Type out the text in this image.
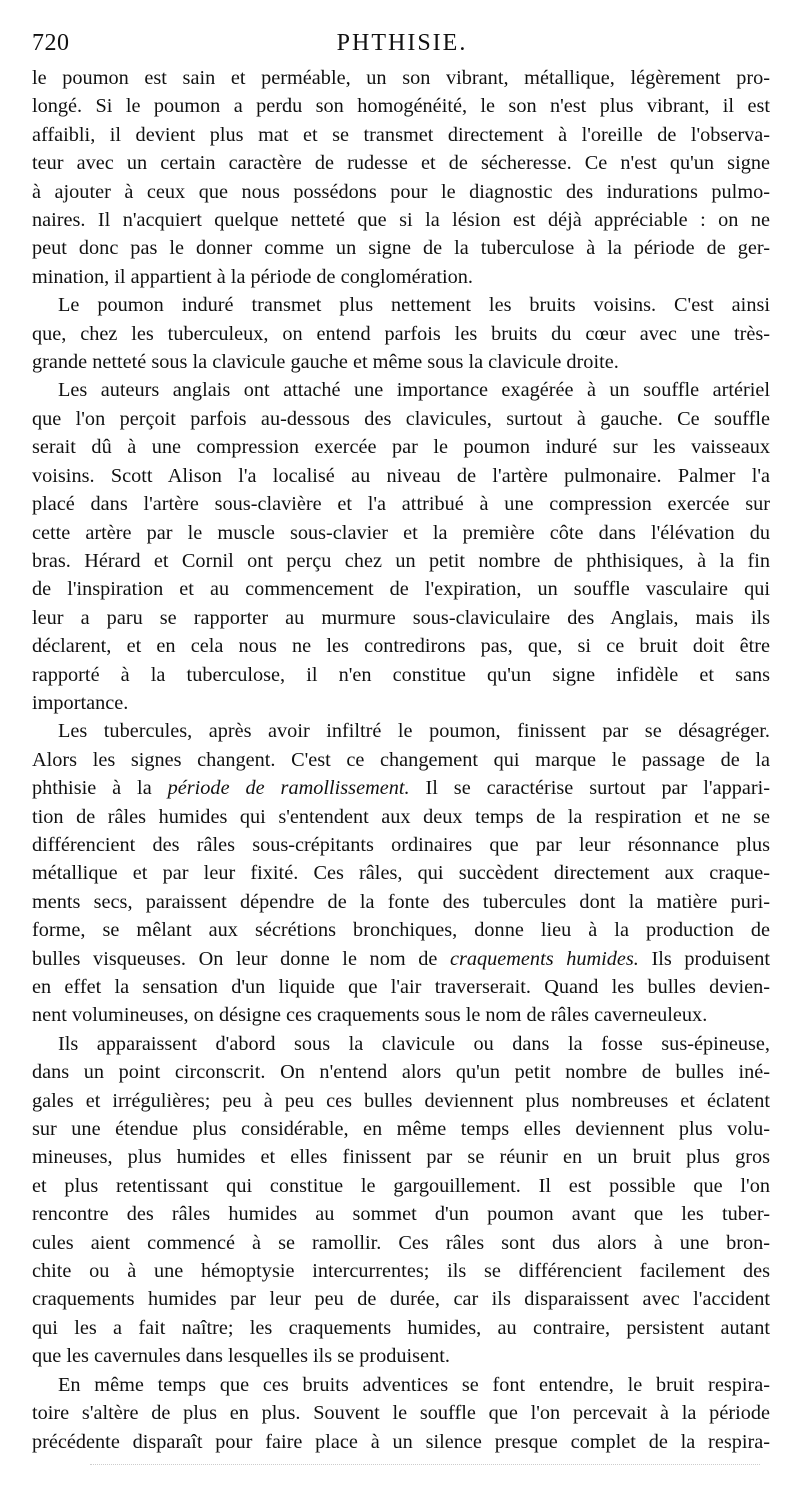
720	PHTHISIE.

le poumon est sain et perméable, un son vibrant, métallique, légèrement pro-
longé. Si le poumon a perdu son homogénéité, le son n'est plus vibrant, il est
affaibli, il devient plus mat et se transmet directement à l'oreille de l'observa-
teur avec un certain caractère de rudesse et de sécheresse. Ce n'est qu'un signe
à ajouter à ceux que nous possédons pour le diagnostic des indurations pulmo-
naires. Il n'acquiert quelque netteté que si la lésion est déjà appréciable : on ne
peut donc pas le donner comme un signe de la tuberculose à la période de ger-
mination, il appartient à la période de conglomération.

Le poumon induré transmet plus nettement les bruits voisins. C'est ainsi
que, chez les tuberculeux, on entend parfois les bruits du cœur avec une très-
grande netteté sous la clavicule gauche et même sous la clavicule droite.

Les auteurs anglais ont attaché une importance exagérée à un souffle artériel
que l'on perçoit parfois au-dessous des clavicules, surtout à gauche. Ce souffle
serait dû à une compression exercée par le poumon induré sur les vaisseaux
voisins. Scott Alison l'a localisé au niveau de l'artère pulmonaire. Palmer l'a
placé dans l'artère sous-clavière et l'a attribué à une compression exercée sur
cette artère par le muscle sous-clavier et la première côte dans l'élévation du
bras. Hérard et Cornil ont perçu chez un petit nombre de phthisiques, à la fin
de l'inspiration et au commencement de l'expiration, un souffle vasculaire qui
leur a paru se rapporter au murmure sous-claviculaire des Anglais, mais ils
déclarent, et en cela nous ne les contredirons pas, que, si ce bruit doit être
rapporté à la tuberculose, il n'en constitue qu'un signe infidèle et sans
importance.

Les tubercules, après avoir infiltré le poumon, finissent par se désagréger.
Alors les signes changent. C'est ce changement qui marque le passage de la
phthisie à la période de ramollissement. Il se caractérise surtout par l'appari-
tion de râles humides qui s'entendent aux deux temps de la respiration et ne se
différencient des râles sous-crépitants ordinaires que par leur résonnance plus
métallique et par leur fixité. Ces râles, qui succèdent directement aux craque-
ments secs, paraissent dépendre de la fonte des tubercules dont la matière puri-
forme, se mêlant aux sécrétions bronchiques, donne lieu à la production de
bulles visqueuses. On leur donne le nom de craquements humides. Ils produisent
en effet la sensation d'un liquide que l'air traverserait. Quand les bulles devien-
nent volumineuses, on désigne ces craquements sous le nom de râles caverneuleux.

Ils apparaissent d'abord sous la clavicule ou dans la fosse sus-épineuse,
dans un point circonscrit. On n'entend alors qu'un petit nombre de bulles iné-
gales et irrégulières; peu à peu ces bulles deviennent plus nombreuses et éclatent
sur une étendue plus considérable, en même temps elles deviennent plus volu-
mineuses, plus humides et elles finissent par se réunir en un bruit plus gros
et plus retentissant qui constitue le gargouillement. Il est possible que l'on
rencontre des râles humides au sommet d'un poumon avant que les tuber-
cules aient commencé à se ramollir. Ces râles sont dus alors à une bron-
chite ou à une hémoptysie intercurrentes; ils se différencient facilement des
craquements humides par leur peu de durée, car ils disparaissent avec l'accident
qui les a fait naître; les craquements humides, au contraire, persistent autant
que les cavernules dans lesquelles ils se produisent.

En même temps que ces bruits adventices se font entendre, le bruit respira-
toire s'altère de plus en plus. Souvent le souffle que l'on percevait à la période
précédente disparaît pour faire place à un silence presque complet de la respira-
